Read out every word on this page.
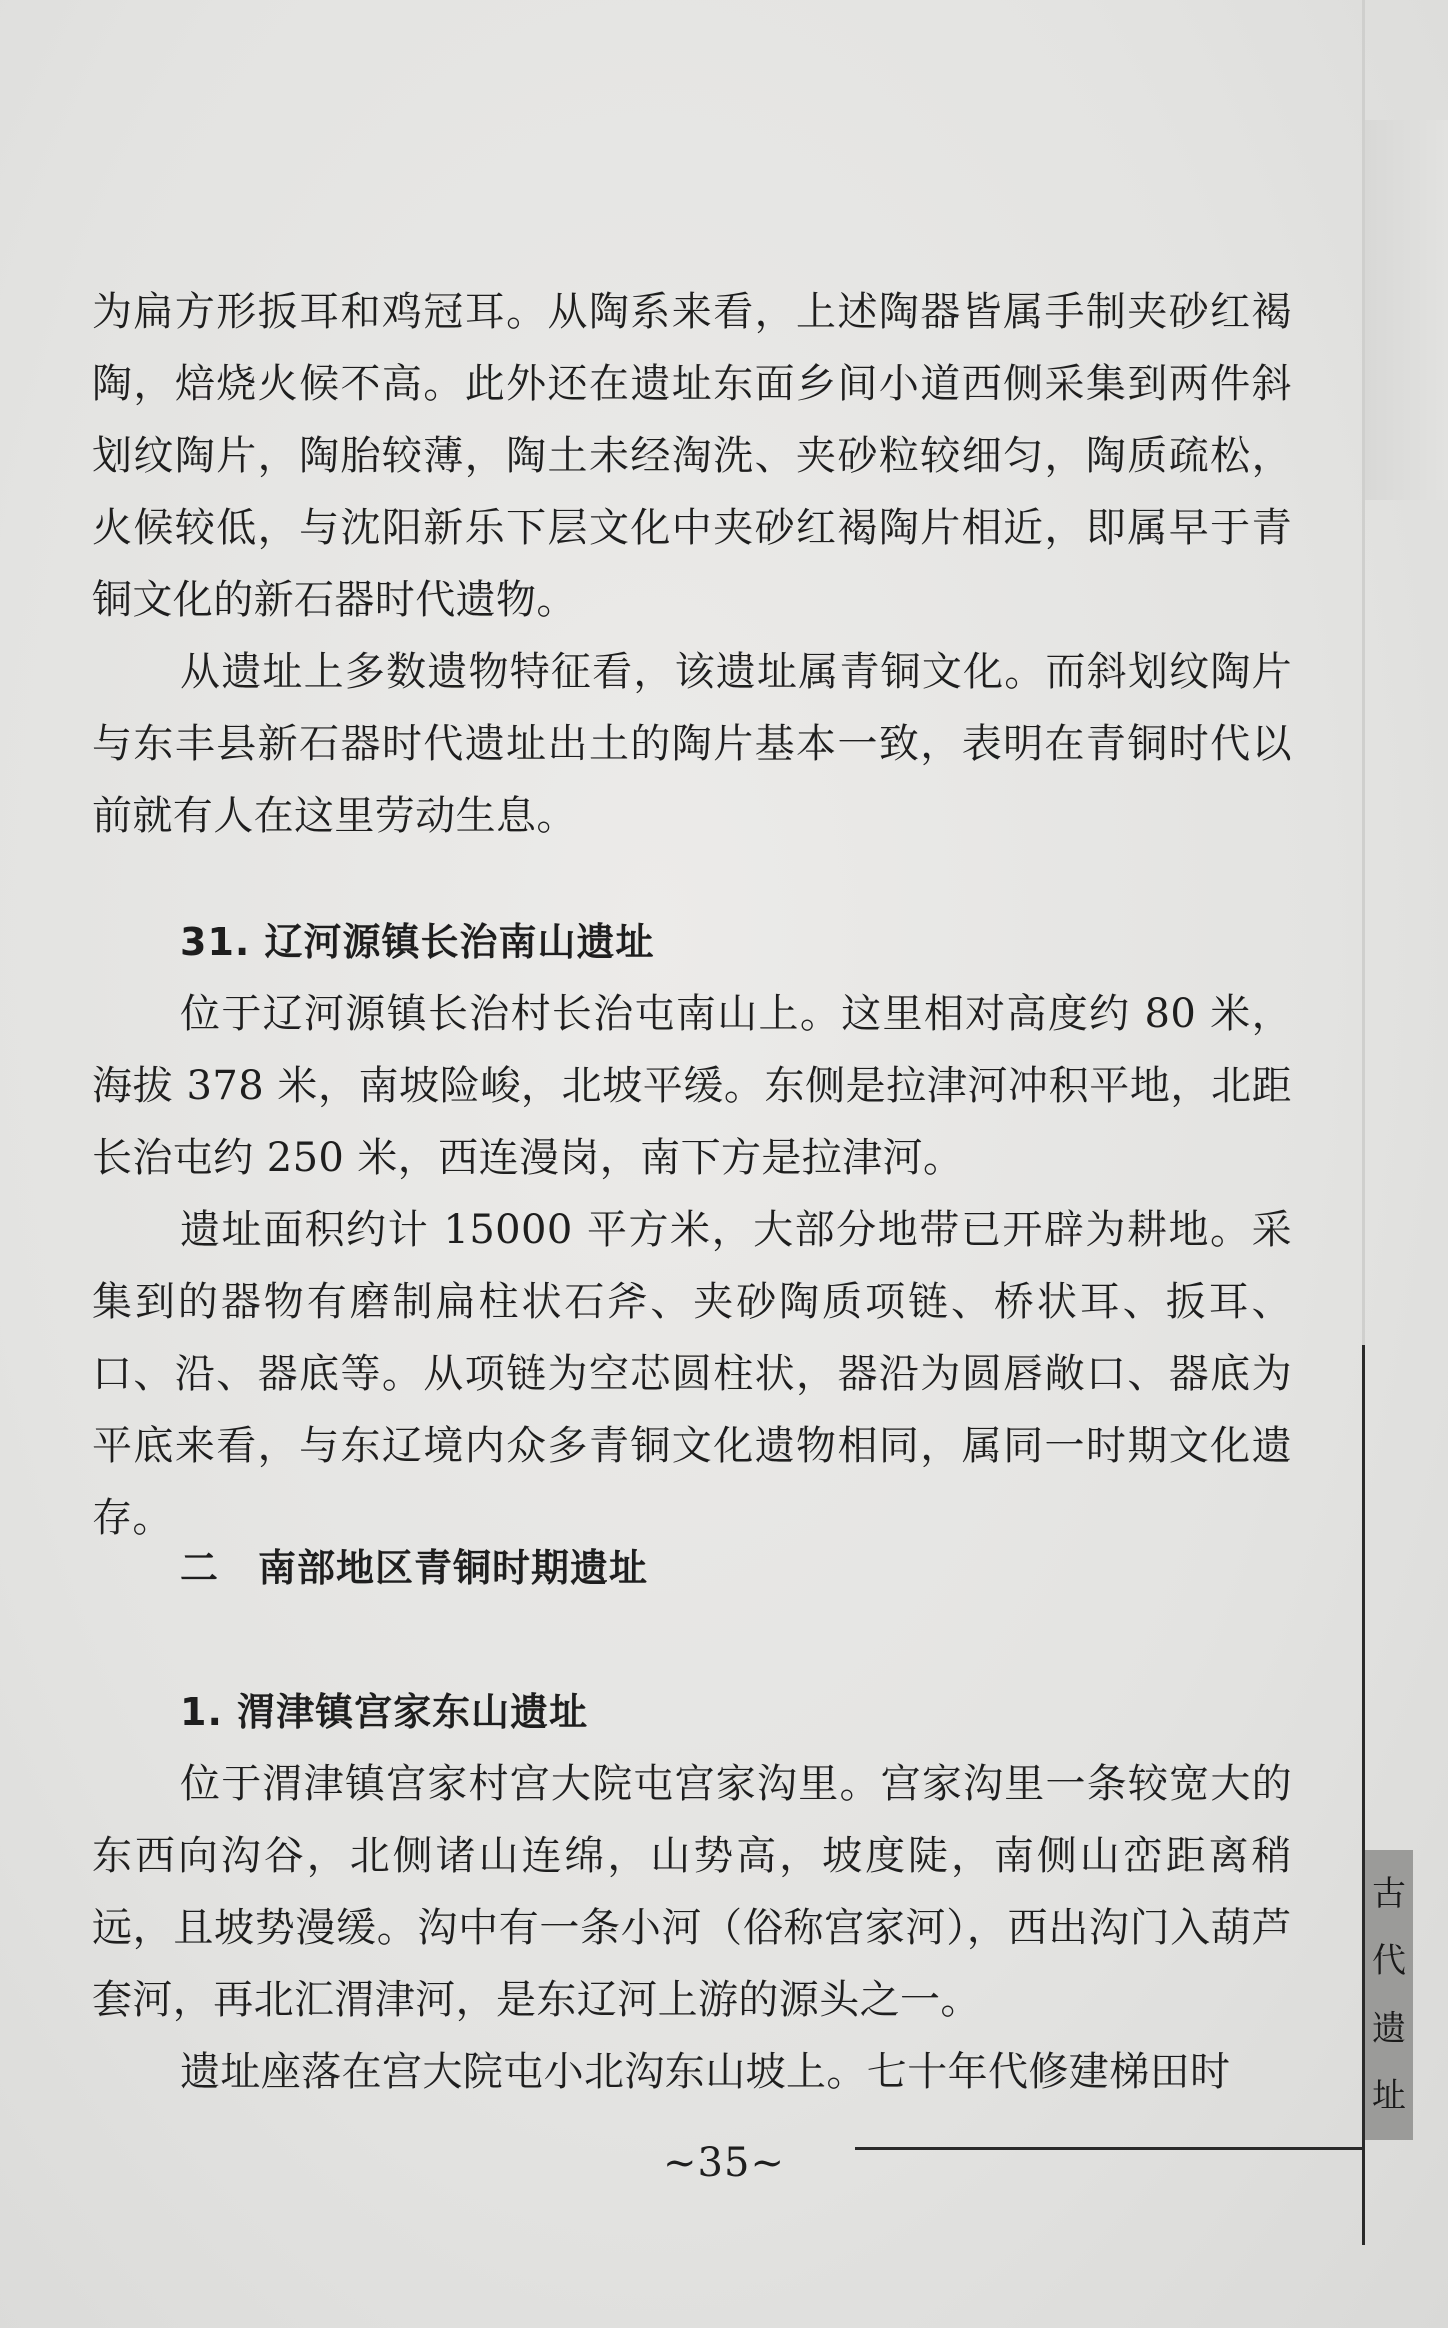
古
代
遗
址

为扁方形扳耳和鸡冠耳。从陶系来看，上述陶器皆属手制夹砂红褐陶，焙烧火候不高。此外还在遗址东面乡间小道西侧采集到两件斜划纹陶片，陶胎较薄，陶土未经淘洗、夹砂粒较细匀，陶质疏松，火候较低，与沈阳新乐下层文化中夹砂红褐陶片相近，即属早于青铜文化的新石器时代遗物。

从遗址上多数遗物特征看，该遗址属青铜文化。而斜划纹陶片与东丰县新石器时代遗址出土的陶片基本一致，表明在青铜时代以前就有人在这里劳动生息。

31. 辽河源镇长治南山遗址

位于辽河源镇长治村长治屯南山上。这里相对高度约 80 米，海拔 378 米，南坡险峻，北坡平缓。东侧是拉津河冲积平地，北距长治屯约 250 米，西连漫岗，南下方是拉津河。

遗址面积约计 15000 平方米，大部分地带已开辟为耕地。采集到的器物有磨制扁柱状石斧、夹砂陶质项链、桥状耳、扳耳、口、沿、器底等。从项链为空芯圆柱状，器沿为圆唇敞口、器底为平底来看，与东辽境内众多青铜文化遗物相同，属同一时期文化遗存。

二　南部地区青铜时期遗址
1. 渭津镇宫家东山遗址

位于渭津镇宫家村宫大院屯宫家沟里。宫家沟里一条较宽大的东西向沟谷，北侧诸山连绵，山势高，坡度陡，南侧山峦距离稍远，且坡势漫缓。沟中有一条小河（俗称宫家河），西出沟门入葫芦套河，再北汇渭津河，是东辽河上游的源头之一。

遗址座落在宫大院屯小北沟东山坡上。七十年代修建梯田时

~35~
